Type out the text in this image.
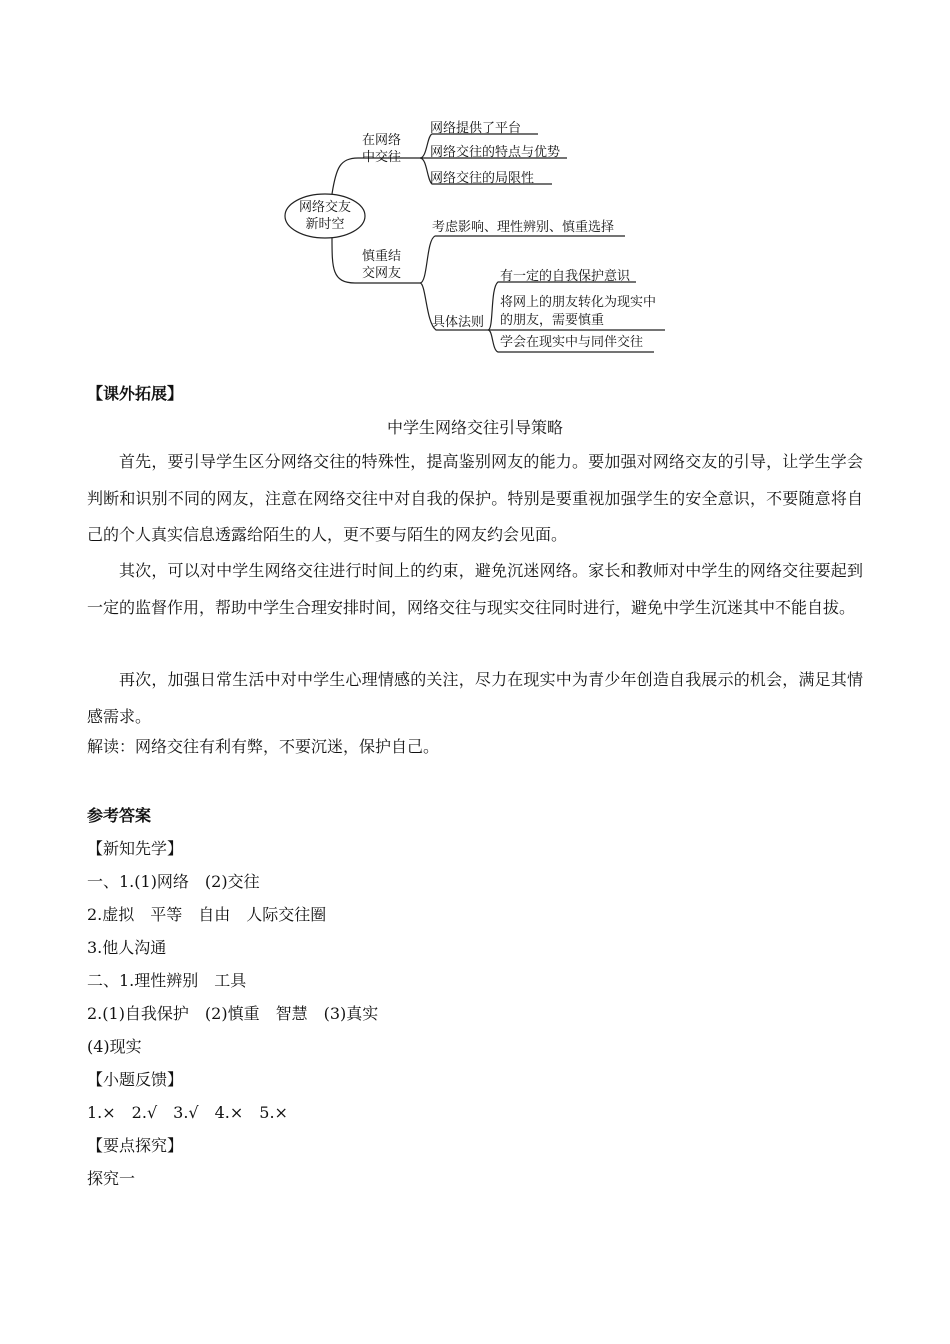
网络交友
新时空
在网络
中交往
网络提供了平台
网络交往的特点与优势
网络交往的局限性
慎重结
交网友
考虑影响、理性辨别、慎重选择
具体法则
有一定的自我保护意识
将网上的朋友转化为现实中
的朋友，需要慎重
学会在现实中与同伴交往
【课外拓展】
中学生网络交往引导策略
首先，要引导学生区分网络交往的特殊性，提高鉴别网友的能力。要加强对网络交友的引导，让学生学会判断和识别不同的网友，注意在网络交往中对自我的保护。特别是要重视加强学生的安全意识，不要随意将自己的个人真实信息透露给陌生的人，更不要与陌生的网友约会见面。
其次，可以对中学生网络交往进行时间上的约束，避免沉迷网络。家长和教师对中学生的网络交往要起到一定的监督作用，帮助中学生合理安排时间，网络交往与现实交往同时进行，避免中学生沉迷其中不能自拔。
再次，加强日常生活中对中学生心理情感的关注，尽力在现实中为青少年创造自我展示的机会，满足其情感需求。
解读：网络交往有利有弊，不要沉迷，保护自己。
参考答案
【新知先学】
一、1.(1)网络　(2)交往
2.虚拟　平等　自由　人际交往圈
3.他人沟通
二、1.理性辨别　工具
2.(1)自我保护　(2)慎重　智慧　(3)真实
(4)现实
【小题反馈】
1.×　2.√　3.√　4.×　5.×
【要点探究】
探究一
